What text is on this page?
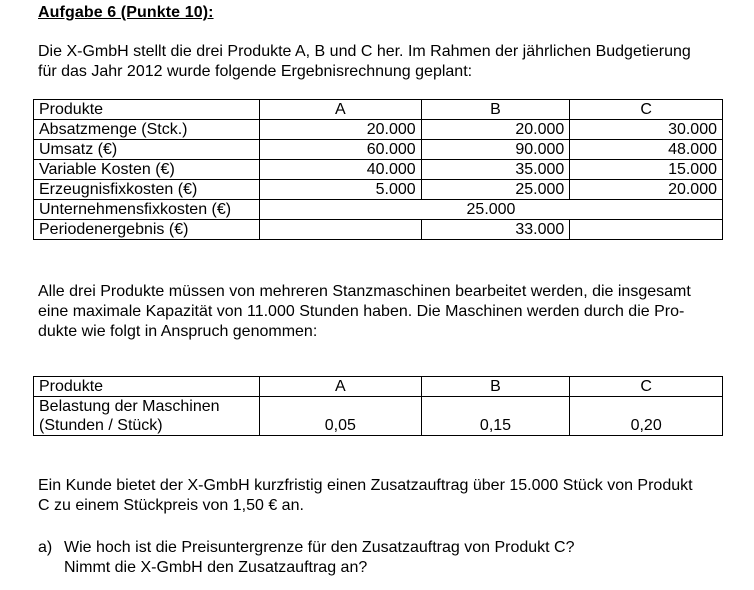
Aufgabe 6 (Punkte 10):
Die X-GmbH stellt die drei Produkte A, B und C her. Im Rahmen der jährlichen Budgetierung
für das Jahr 2012 wurde folgende Ergebnisrechnung geplant:
Produkte	A	B	C
Absatzmenge (Stck.)	20.000	20.000	30.000
Umsatz (€)	60.000	90.000	48.000
Variable Kosten (€)	40.000	35.000	15.000
Erzeugnisfixkosten (€)	5.000	25.000	20.000
Unternehmensfixkosten (€)	25.000		
Periodenergebnis (€)		33.000	
Alle drei Produkte müssen von mehreren Stanzmaschinen bearbeitet werden, die insgesamt
eine maximale Kapazität von 11.000 Stunden haben. Die Maschinen werden durch die Pro-
dukte wie folgt in Anspruch genommen:
Produkte	A	B	C

Belastung der Maschinen
(Stunden / Stück)	0,05	0,15	0,20
Ein Kunde bietet der X-GmbH kurzfristig einen Zusatzauftrag über 15.000 Stück von Produkt
C zu einem Stückpreis von 1,50 € an.
a) Wie hoch ist die Preisuntergrenze für den Zusatzauftrag von Produkt C?
Nimmt die X-GmbH den Zusatzauftrag an?
